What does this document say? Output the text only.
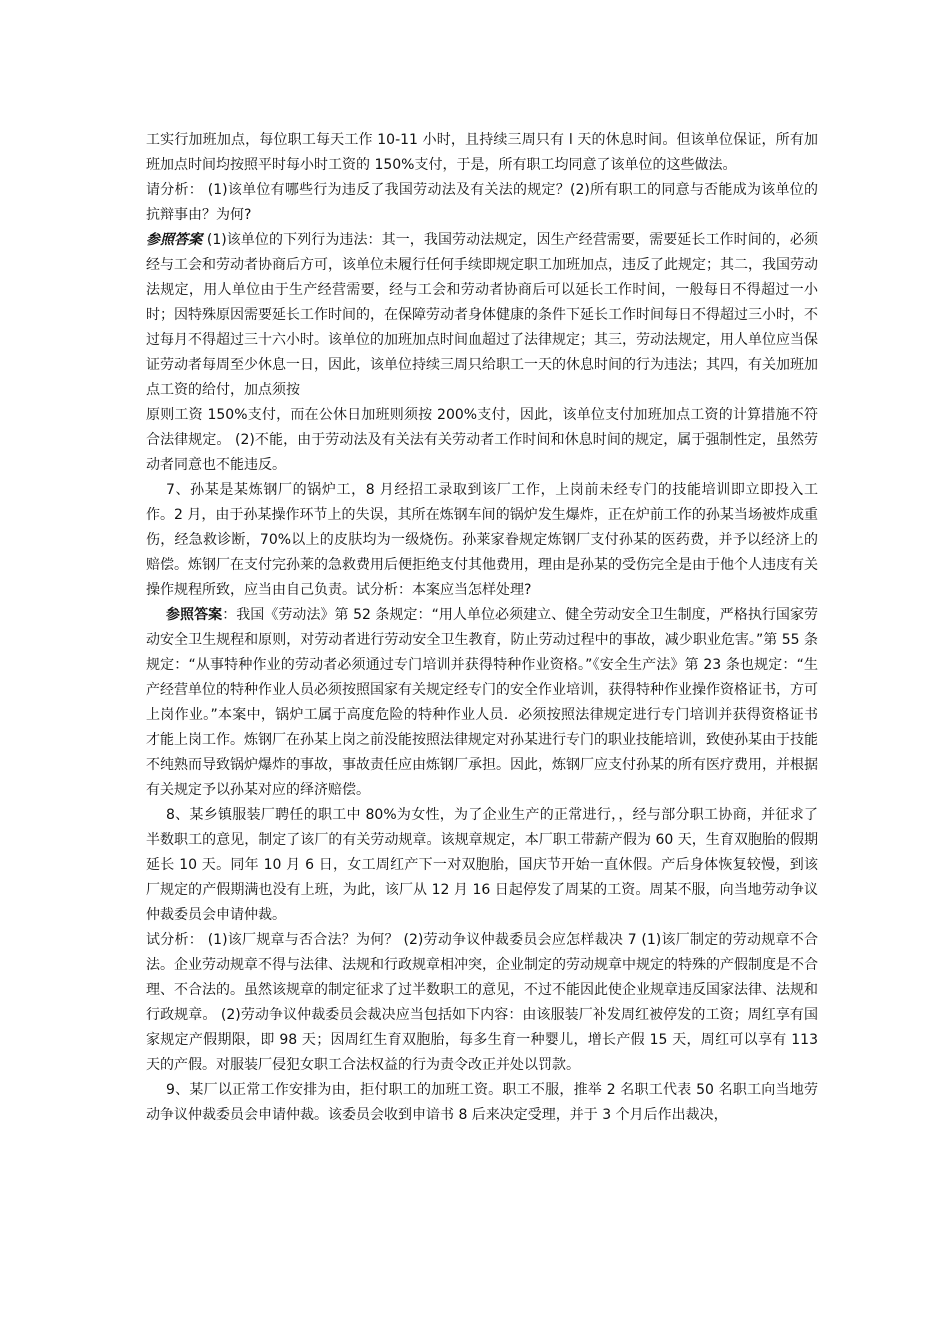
工实行加班加点，每位职工每天工作 10-11 小时，且持续三周只有 l 天的休息时间。但该单位保证，所有加班加点时间均按照平时每小时工资的 150%支付，于是，所有职工均同意了该单位的这些做法。

请分析： (1)该单位有哪些行为违反了我国劳动法及有关法的规定？(2)所有职工的同意与否能成为该单位的抗辩事由？为何?

参照答案 (1)该单位的下列行为违法：其一，我国劳动法规定，因生产经营需要，需要延长工作时间的，必须经与工会和劳动者协商后方可，该单位未履行任何手续即规定职工加班加点，违反了此规定；其二，我国劳动法规定，用人单位由于生产经营需要，经与工会和劳动者协商后可以延长工作时间，一般每日不得超过一小时；因特殊原因需要延长工作时间的，在保障劳动者身体健康的条件下延长工作时间每日不得超过三小时，不过每月不得超过三十六小时。该单位的加班加点时间血超过了法律规定；其三，劳动法规定，用人单位应当保证劳动者每周至少休息一日，因此，该单位持续三周只给职工一天的休息时间的行为违法；其四，有关加班加点工资的给付，加点须按

原则工资 150%支付，而在公休日加班则须按 200%支付，因此，该单位支付加班加点工资的计算措施不符合法律规定。 (2)不能，由于劳动法及有关法有关劳动者工作时间和休息时间的规定，属于强制性定，虽然劳动者同意也不能违反。

7、孙某是某炼钢厂的锅炉工，8 月经招工录取到该厂工作，上岗前未经专门的技能培训即立即投入工作。2 月，由于孙某操作环节上的失误，其所在炼钢车间的锅炉发生爆炸，正在炉前工作的孙某当场被炸成重伤，经急救诊断，70%以上的皮肤均为一级烧伤。孙莱家眷规定炼钢厂支付孙某的医药费，并予以经济上的赔偿。炼钢厂在支付完孙莱的急救费用后便拒绝支付其他费用，理由是孙某的受伤完全是由于他个人违庋有关操作规程所致，应当由自己负责。试分析：本案应当怎样处理?

参照答案：我国《劳动法》第 52 条规定：“用人单位必须建立、健全劳动安全卫生制度，严格执行国家劳动安全卫生规程和原则，对劳动者进行劳动安全卫生教育，防止劳动过程中的事故，减少职业危害。”第 55 条规定：“从事特种作业的劳动者必须通过专门培训并获得特种作业资格。”《安全生产法》第 23 条也规定：“生产经营单位的特种作业人员必须按照国家有关规定经专门的安全作业培训，获得特种作业操作资格证书，方可上岗作业。”本案中，锅炉工属于高度危险的特种作业人员．必须按照法律规定进行专门培训并获得资格证书才能上岗工作。炼钢厂在孙某上岗之前没能按照法律规定对孙某进行专门的职业技能培训，致使孙某由于技能不纯熟而导致锅炉爆炸的事故，事故责任应由炼钢厂承担。因此，炼钢厂应支付孙某的所有医疗费用，并根据有关规定予以孙某对应的绎济赔偿。

8、某乡镇服装厂聘任的职工中 80%为女性，为了企业生产的正常进行，，经与部分职工协商，并征求了半数职工的意见，制定了该厂的有关劳动规章。该规章规定，本厂职工带薪产假为 60 天，生育双胞胎的假期延长 10 天。同年 10 月 6 日，女工周红产下一对双胞胎，国庆节开始一直休假。产后身体恢复较慢，到该厂规定的产假期满也没有上班，为此，该厂从 12 月 16 日起停发了周某的工资。周某不服，向当地劳动争议仲裁委员会申请仲裁。

试分析： (1)该厂规章与否合法？为何？ (2)劳动争议仲裁委员会应怎样裁决 7 (1)该厂制定的劳动规章不合法。企业劳动规章不得与法律、法规和行政规章相冲突，企业制定的劳动规章中规定的特殊的产假制度是不合理、不合法的。虽然该规章的制定征求了过半数职工的意见，不过不能因此使企业规章违反国家法律、法规和行政规章。 (2)劳动争议仲裁委员会裁决应当包括如下内容：由该服装厂补发周红被停发的工资；周红享有国家规定产假期限，即 98 天；因周红生育双胞胎，每多生育一种婴儿，增长产假 15 天，周红可以享有 113 天的产假。对服装厂侵犯女职工合法权益的行为责令改正并处以罚款。

9、某厂以正常工作安排为由，拒付职工的加班工资。职工不服，推举 2 名职工代表 50 名职工向当地劳动争议仲裁委员会申请仲裁。该委员会收到申谙书 8 后来决定受理，并于 3 个月后作出裁决，
